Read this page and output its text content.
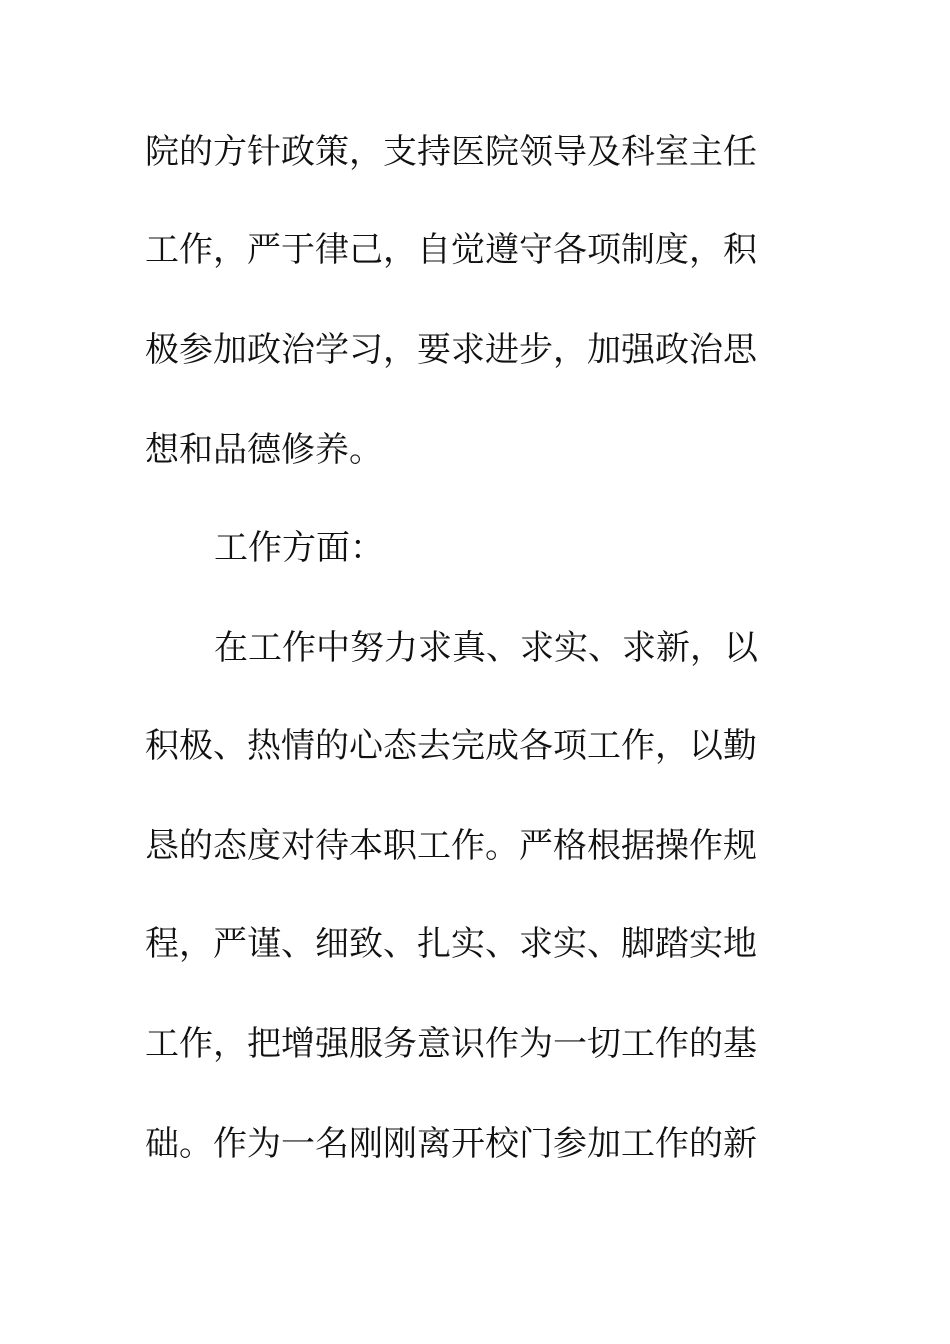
院的方针政策，支持医院领导及科室主任
工作，严于律己，自觉遵守各项制度，积
极参加政治学习，要求进步，加强政治思
想和品德修养。
工作方面：
在工作中努力求真、求实、求新，以
积极、热情的心态去完成各项工作，以勤
恳的态度对待本职工作。严格根据操作规
程，严谨、细致、扎实、求实、脚踏实地
工作，把增强服务意识作为一切工作的基
础。作为一名刚刚离开校门参加工作的新
